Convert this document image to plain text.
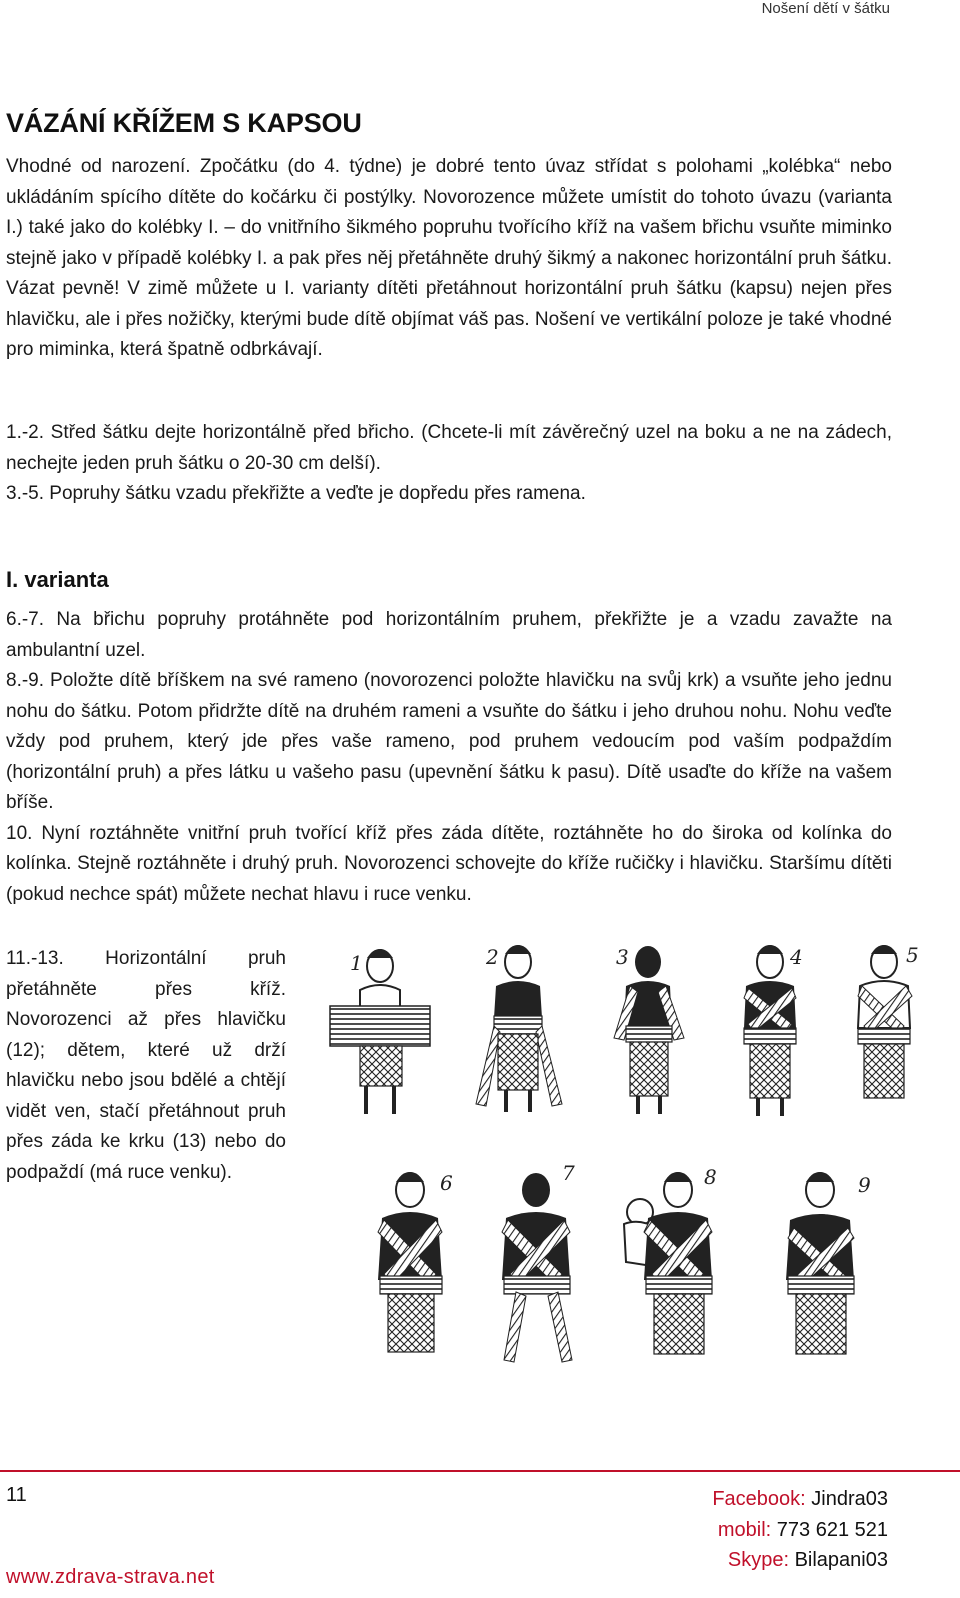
Nošení dětí v šátku
VÁZÁNÍ KŘÍŽEM S KAPSOU

Vhodné od narození. Zpočátku (do 4. týdne) je dobré tento úvaz střídat s polohami „kolébka“ nebo ukládáním spícího dítěte do kočárku či postýlky. Novorozence můžete umístit do tohoto úvazu (varianta I.) také jako do kolébky I. – do vnitřního šikmého popruhu tvořícího kříž na vašem břichu vsuňte miminko stejně jako v případě kolébky I. a pak přes něj přetáhněte druhý šikmý a nakonec horizontální pruh šátku. Vázat pevně! V zimě můžete u I. varianty dítěti přetáhnout horizontální pruh šátku (kapsu) nejen přes hlavičku, ale i přes nožičky, kterými bude dítě objímat váš pas. Nošení ve vertikální poloze je také vhodné pro miminka, která špatně odbrkávají.

1.-2. Střed šátku dejte horizontálně před břicho. (Chcete-li mít závěrečný uzel na boku a ne na zádech, nechejte jeden pruh šátku o 20-30 cm delší).
3.-5. Popruhy šátku vzadu překřižte a veďte je dopředu přes ramena.
I. varianta
6.-7. Na břichu popruhy protáhněte pod horizontálním pruhem, překřižte je a vzadu zavažte na ambulantní uzel.
8.-9. Položte dítě bříškem na své rameno (novorozenci položte hlavičku na svůj krk) a vsuňte jeho jednu nohu do šátku. Potom přidržte dítě na druhém rameni a vsuňte do šátku i jeho druhou nohu. Nohu veďte vždy pod pruhem, který jde přes vaše rameno, pod pruhem vedoucím pod vaším podpaždím (horizontální pruh) a přes látku u vašeho pasu (upevnění šátku k pasu). Dítě usaďte do kříže na vašem bříše.
10. Nyní roztáhněte vnitřní pruh tvořící kříž přes záda dítěte, roztáhněte ho do široka od kolínka do kolínka. Stejně roztáhněte i druhý pruh. Novorozenci schovejte do kříže ručičky i hlavičku. Staršímu dítěti (pokud nechce spát) můžete nechat hlavu i ruce venku.

11.-13. Horizontální pruh přetáhněte přes kříž. Novorozenci až přes hlavičku (12); dětem, které už drží hlavičku nebo jsou bdělé a chtějí vidět ven, stačí přetáhnout pruh přes záda ke krku (13) nebo do podpaždí (má ruce venku).

1	2	3	4	5
6	7	8	9
11
www.zdrava-strava.net
Facebook: Jindra03
mobil: 773 621 521
Skype: Bilapani03
